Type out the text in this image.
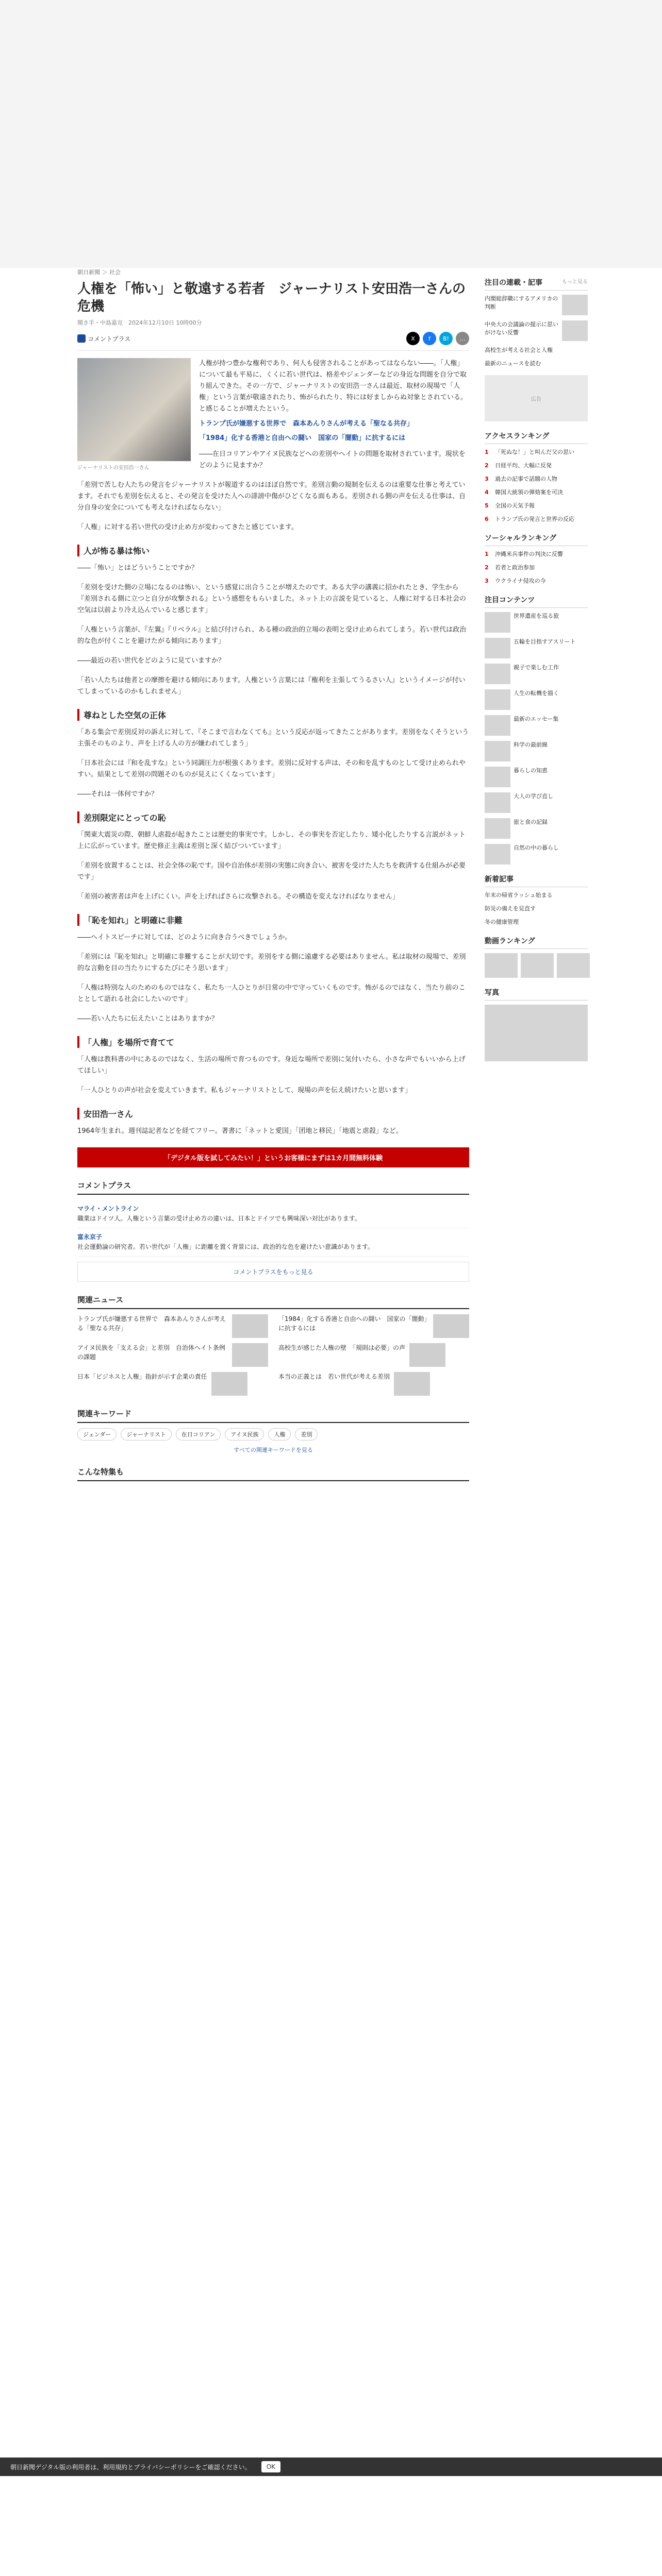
朝日新聞 ＞ 社会
人権を「怖い」と敬遠する若者　ジャーナリスト安田浩一さんの危機
聞き手・中島嘉克　2024年12月10日 10時00分
コメントプラス	X	f	B!	…
ジャーナリストの安田浩一さん
人権が持つ豊かな権利であり、何人も侵害されることがあってはならない――。「人権」について最も平易に、くくに若い世代は、格差やジェンダーなどの身近な問題を自分で取り組んできた。その一方で、ジャーナリストの安田浩一さんは最近、取材の現場で「人権」という言葉が敬遠されたり、怖がられたり、特には好ましからぬ対象とされている。と感じることが増えたという。
トランプ氏が嫌悪する世界で　森本あんりさんが考える「聖なる共存」
「1984」化する香港と自由への闘い　国家の「闇動」に抗するには
――在日コリアンやアイヌ民族などへの差別やヘイトの問題を取材されています。現状をどのように見ますか？

「差別で苦しむ人たちの発言をジャーナリストが報道するのはほぼ自然です。差別言動の規制を伝えるのは重要な仕事と考えています。それでも差別を伝えると、その発言を受けた人への誹謗中傷がひどくなる面もある。差別される側の声を伝える仕事は、自分自身の安全についても考えなければならない」

「人権」に対する若い世代の受け止め方が変わってきたと感じています。

人が怖る暴は怖い

――「怖い」とはどういうことですか？

「差別を受けた側の立場になるのは怖い、という感覚に出合うことが増えたのです。ある大学の講義に招かれたとき、学生から『差別される側に立つと自分が攻撃される』という感想をもらいました。ネット上の言説を見ていると、人権に対する日本社会の空気は以前より冷え込んでいると感じます」

「人権という言葉が、『左翼』『リベラル』と結び付けられ、ある種の政治的立場の表明と受け止められてしまう。若い世代は政治的な色が付くことを避けたがる傾向にあります」

――最近の若い世代をどのように見ていますか？

「若い人たちは他者との摩擦を避ける傾向にあります。人権という言葉には『権利を主張してうるさい人』というイメージが付いてしまっているのかもしれません」

尊ねとした空気の正体

「ある集会で差別反対の訴えに対して、『そこまで言わなくても』という反応が返ってきたことがあります。差別をなくそうという主張そのものより、声を上げる人の方が嫌われてしまう」

「日本社会には『和を乱すな』という同調圧力が根強くあります。差別に反対する声は、その和を乱すものとして受け止められやすい。結果として差別の問題そのものが見えにくくなっています」

――それは一体何ですか？

差別限定にとっての恥

「関東大震災の際、朝鮮人虐殺が起きたことは歴史的事実です。しかし、その事実を否定したり、矮小化したりする言説がネット上に広がっています。歴史修正主義は差別と深く結びついています」

「差別を放置することは、社会全体の恥です。国や自治体が差別の実態に向き合い、被害を受けた人たちを救済する仕組みが必要です」

「差別の被害者は声を上げにくい。声を上げればさらに攻撃される。その構造を変えなければなりません」

「恥を知れ」と明確に非難

――ヘイトスピーチに対しては、どのように向き合うべきでしょうか。

「差別には『恥を知れ』と明確に非難することが大切です。差別をする側に遠慮する必要はありません。私は取材の現場で、差別的な言動を目の当たりにするたびにそう思います」

「人権は特別な人のためのものではなく、私たち一人ひとりが日常の中で守っていくものです。怖がるのではなく、当たり前のこととして語れる社会にしたいのです」

――若い人たちに伝えたいことはありますか？

「人権」を場所で育てて

「人権は教科書の中にあるのではなく、生活の場所で育つものです。身近な場所で差別に気付いたら、小さな声でもいいから上げてほしい」

「一人ひとりの声が社会を変えていきます。私もジャーナリストとして、現場の声を伝え続けたいと思います」

安田浩一さん

1964年生まれ。週刊誌記者などを経てフリー。著書に「ネットと愛国」「团地と移民」「地震と虐殺」など。

「デジタル版を試してみたい！」というお客様にまずは1カ月間無料体験
コメントプラス
マライ・メントライン
職業はドイツ人。人権という言葉の受け止め方の違いは、日本とドイツでも興味深い対比があります。
富永京子
社会運動論の研究者。若い世代が「人権」に距離を置く背景には、政治的な色を避けたい意識があります。
コメントプラスをもっと見る
関連ニュース
トランプ氏が嫌悪する世界で　森本あんりさんが考える「聖なる共存」
「1984」化する香港と自由への闘い　国家の「闇動」に抗するには
アイヌ民族を「支える会」と差別　自治体ヘイト条例の課題
高校生が感じた人権の壁　「規則は必要」の声
日本「ビジネスと人権」指針が示す企業の責任	本当の正義とは　若い世代が考える差別
関連キーワード
ジェンダー	ジャーナリスト	在日コリアン	アイヌ民族	人権	差別
すべての関連キーワードを見る
こんな特集も
注目の連載・記事	もっと見る
内閣総辞職にするアメリカの判断
中央大の会議論の提示に思いがけない反響
高校生が考える社会と人権
最新のニュースを読む
広告
アクセスランキング
1	「死ぬな！」と叫んだ父の思い
2	日経平均、大幅に反発
3	過去の記事で話題の人物
4	韓国大統領の弾劾案を可決
5	全国の天気予報
6	トランプ氏の発言と世界の反応
ソーシャルランキング
1	沖縄米兵事件の判決に反響
2	若者と政治参加
3	ウクライナ侵攻の今
注目コンテンツ
世界遺産を巡る旅
五輪を目指すアスリート
親子で楽しむ工作
人生の転機を描く
最新のエッセー集
科学の最前線
暮らしの知恵
大人の学び直し
旅と食の記録
自然の中の暮らし
新着記事
年末の帰省ラッシュ始まる
防災の備えを見直す
冬の健康管理
動画ランキング
写真
朝日新聞デジタル版の利用者は、利用規約とプライバシーポリシーをご確認ください。	OK
